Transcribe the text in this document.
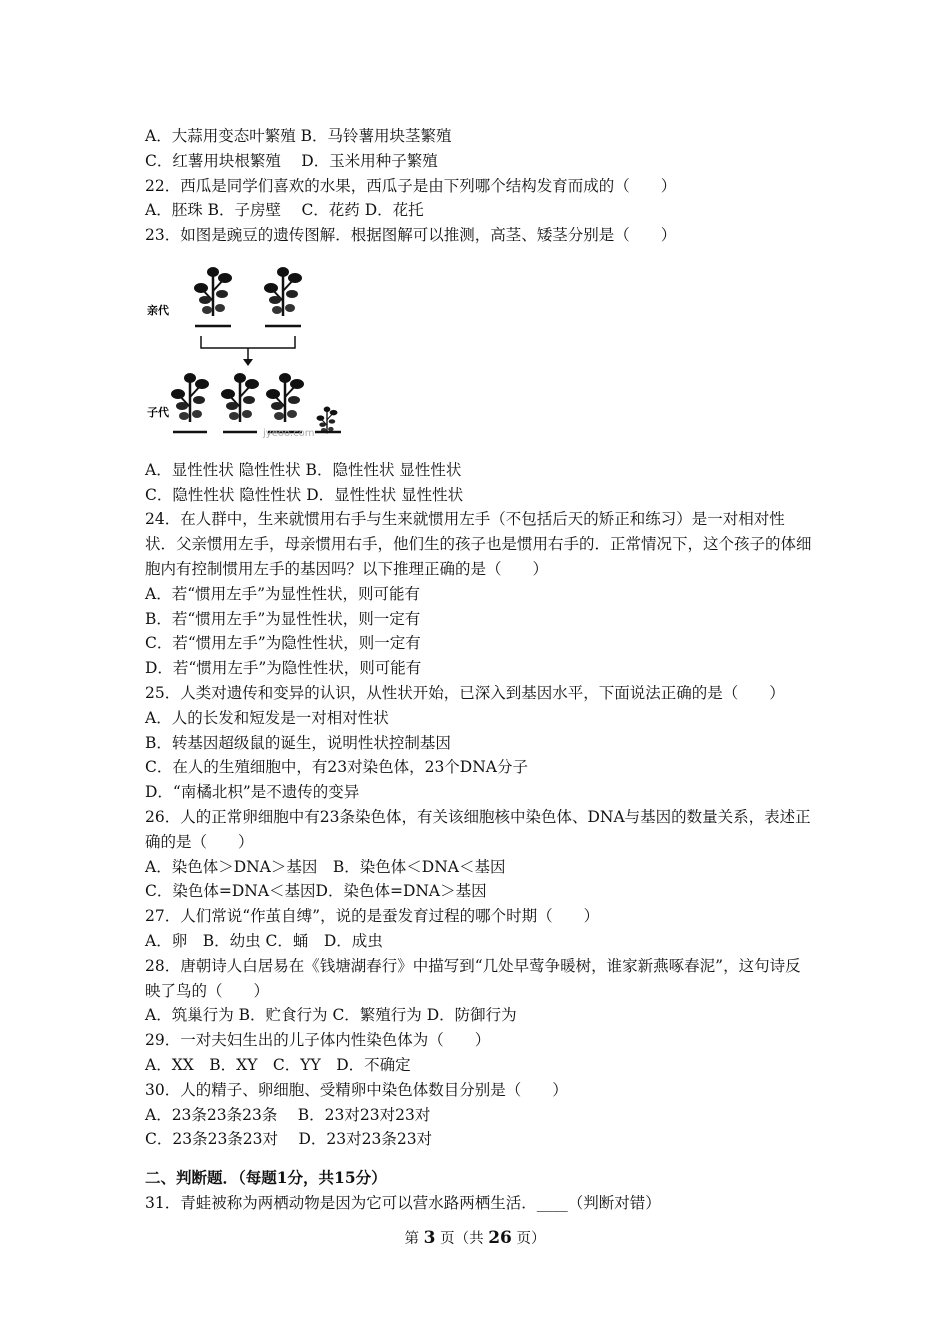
A．大蒜用变态叶繁殖 B．马铃薯用块茎繁殖
C．红薯用块根繁殖　 D．玉米用种子繁殖
22．西瓜是同学们喜欢的水果，西瓜子是由下列哪个结构发育而成的（　　）
A．胚珠 B．子房壁　 C．花药 D．花托
23．如图是豌豆的遗传图解．根据图解可以推测，高茎、矮茎分别是（　　）
亲代
子代
jyeoo.com
A．显性性状 隐性性状 B．隐性性状 显性性状
C．隐性性状 隐性性状 D．显性性状 显性性状
24．在人群中，生来就惯用右手与生来就惯用左手（不包括后天的矫正和练习）是一对相对性状．父亲惯用左手，母亲惯用右手，他们生的孩子也是惯用右手的．正常情况下，这个孩子的体细胞内有控制惯用左手的基因吗？以下推理正确的是（　　）
A．若“惯用左手”为显性性状，则可能有
B．若“惯用左手”为显性性状，则一定有
C．若“惯用左手”为隐性性状，则一定有
D．若“惯用左手”为隐性性状，则可能有
25．人类对遗传和变异的认识，从性状开始，已深入到基因水平，下面说法正确的是（　　）
A．人的长发和短发是一对相对性状
B．转基因超级鼠的诞生，说明性状控制基因
C．在人的生殖细胞中，有23对染色体，23个DNA分子
D．“南橘北枳”是不遗传的变异
26．人的正常卵细胞中有23条染色体，有关该细胞核中染色体、DNA与基因的数量关系，表述正确的是（　　）
A．染色体＞DNA＞基因　B．染色体＜DNA＜基因
C．染色体=DNA＜基因D．染色体=DNA＞基因
27．人们常说“作茧自缚”，说的是蚕发育过程的哪个时期（　　）
A．卵　B．幼虫 C．蛹　D．成虫
28．唐朝诗人白居易在《钱塘湖春行》中描写到“几处早莺争暖树，谁家新燕啄春泥”，这句诗反映了鸟的（　　）
A．筑巢行为 B．贮食行为 C．繁殖行为 D．防御行为
29．一对夫妇生出的儿子体内性染色体为（　　）
A．XX　B．XY　C．YY　D．不确定
30．人的精子、卵细胞、受精卵中染色体数目分别是（　　）
A．23条23条23条　 B．23对23对23对
C．23条23条23对　 D．23对23条23对
二、判断题．（每题1分，共15分）
31．青蛙被称为两栖动物是因为它可以营水路两栖生活．____（判断对错）
第 3 页（共 26 页）
